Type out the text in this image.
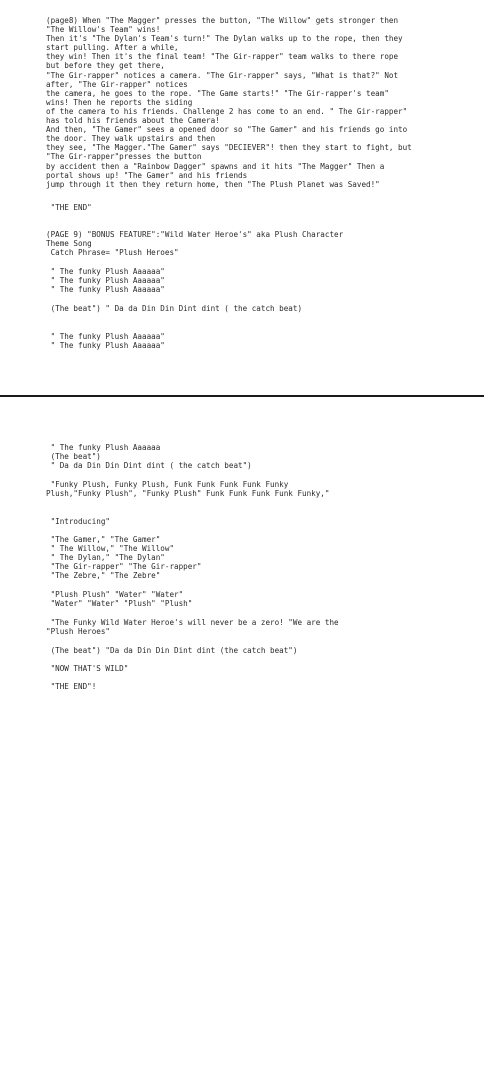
(page8) When "The Magger" presses the button, "The Willow" gets stronger then
"The Willow's Team" wins!
Then it's "The Dylan's Team's turn!" The Dylan walks up to the rope, then they
start pulling. After a while,
they win! Then it's the final team! "The Gir-rapper" team walks to there rope
but before they get there,
"The Gir-rapper" notices a camera. "The Gir-rapper" says, "What is that?" Not
after, "The Gir-rapper" notices
the camera, he goes to the rope. "The Game starts!" "The Gir-rapper's team"
wins! Then he reports the siding
of the camera to his friends. Challenge 2 has come to an end. " The Gir-rapper"
has told his friends about the Camera!
And then, "The Gamer" sees a opened door so "The Gamer" and his friends go into
the door. They walk upstairs and then
they see, "The Magger."The Gamer" says "DECIEVER"! then they start to fight, but
"The Gir-rapper"presses the button
by accident then a "Rainbow Dagger" spawns and it hits "The Magger" Then a
portal shows up! "The Gamer" and his friends
jump through it then they return home, then "The Plush Planet was Saved!"
"THE END"
(PAGE 9) "BONUS FEATURE":"Wild Water Heroe's" aka Plush Character
Theme Song
Catch Phrase= "Plush Heroes"
" The funky Plush Aaaaaa"
" The funky Plush Aaaaaa"
" The funky Plush Aaaaaa"
(The beat") " Da da Din Din Dint dint ( the catch beat)
" The funky Plush Aaaaaa"
" The funky Plush Aaaaaa"
" The funky Plush Aaaaaa
(The beat")
" Da da Din Din Dint dint ( the catch beat")
"Funky Plush, Funky Plush, Funk Funk Funk Funk Funky
Plush,"Funky Plush", "Funky Plush" Funk Funk Funk Funk Funky,"
"Introducing"
"The Gamer," "The Gamer"
" The Willow," "The Willow"
" The Dylan," "The Dylan"
"The Gir-rapper" "The Gir-rapper"
"The Zebre," "The Zebre"
"Plush Plush" "Water" "Water"
"Water" "Water" "Plush" "Plush"
"The Funky Wild Water Heroe's will never be a zero! "We are the
"Plush Heroes"
(The beat") "Da da Din Din Dint dint (the catch beat")
"NOW THAT'S WILD"
"THE END"!
